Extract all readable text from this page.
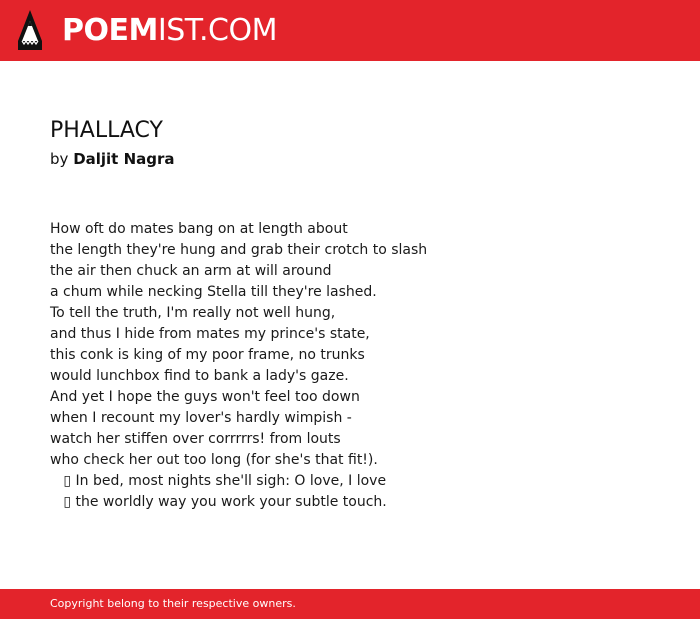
POEMIST.COM
PHALLACY
by Daljit Nagra
How oft do mates bang on at length about
the length they're hung and grab their crotch to slash
the air then chuck an arm at will around
a chum while necking Stella till they're lashed.
To tell the truth, I'm really not well hung,
and thus I hide from mates my prince's state,
this conk is king of my poor frame, no trunks
would lunchbox find to bank a lady's gaze.
And yet I hope the guys won't feel too down
when I recount my lover's hardly wimpish -
watch her stiffen over corrrrrs! from louts
who check her out too long (for she's that fit!).
▯ In bed, most nights she'll sigh: O love, I love
▯ the worldly way you work your subtle touch.
Copyright belong to their respective owners.
